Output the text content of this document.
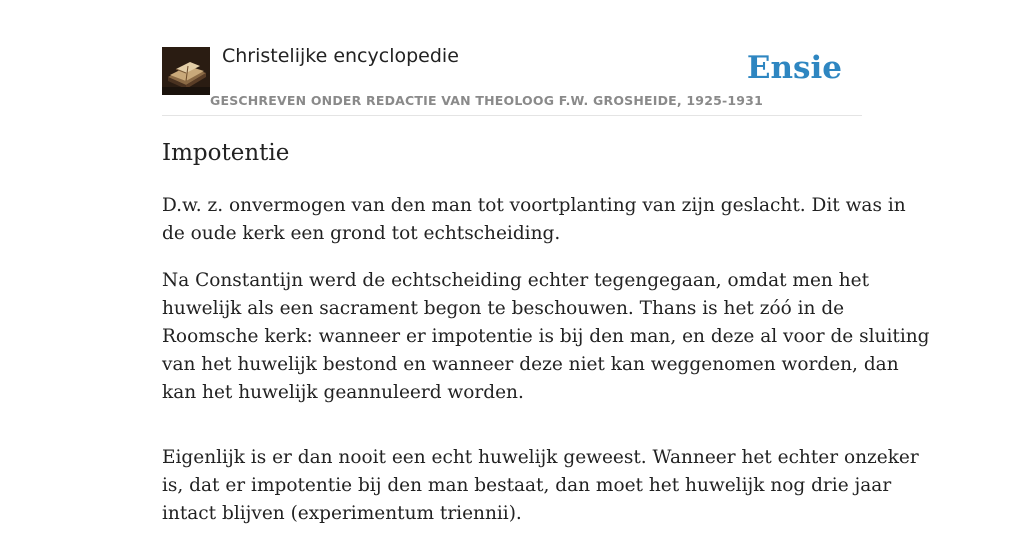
Christelijke encyclopedie
GESCHREVEN ONDER REDACTIE VAN THEOLOOG F.W. GROSHEIDE, 1925-1931
Ensie
Impotentie

D.w. z. onvermogen van den man tot voortplanting van zijn geslacht. Dit was in
de oude kerk een grond tot echtscheiding.

Na Constantijn werd de echtscheiding echter tegengegaan, omdat men het
huwelijk als een sacrament begon te beschouwen. Thans is het zóó in de
Roomsche kerk: wanneer er impotentie is bij den man, en deze al voor de sluiting
van het huwelijk bestond en wanneer deze niet kan weggenomen worden, dan
kan het huwelijk geannuleerd worden.

Eigenlijk is er dan nooit een echt huwelijk geweest. Wanneer het echter onzeker
is, dat er impotentie bij den man bestaat, dan moet het huwelijk nog drie jaar
intact blijven (experimentum triennii).
